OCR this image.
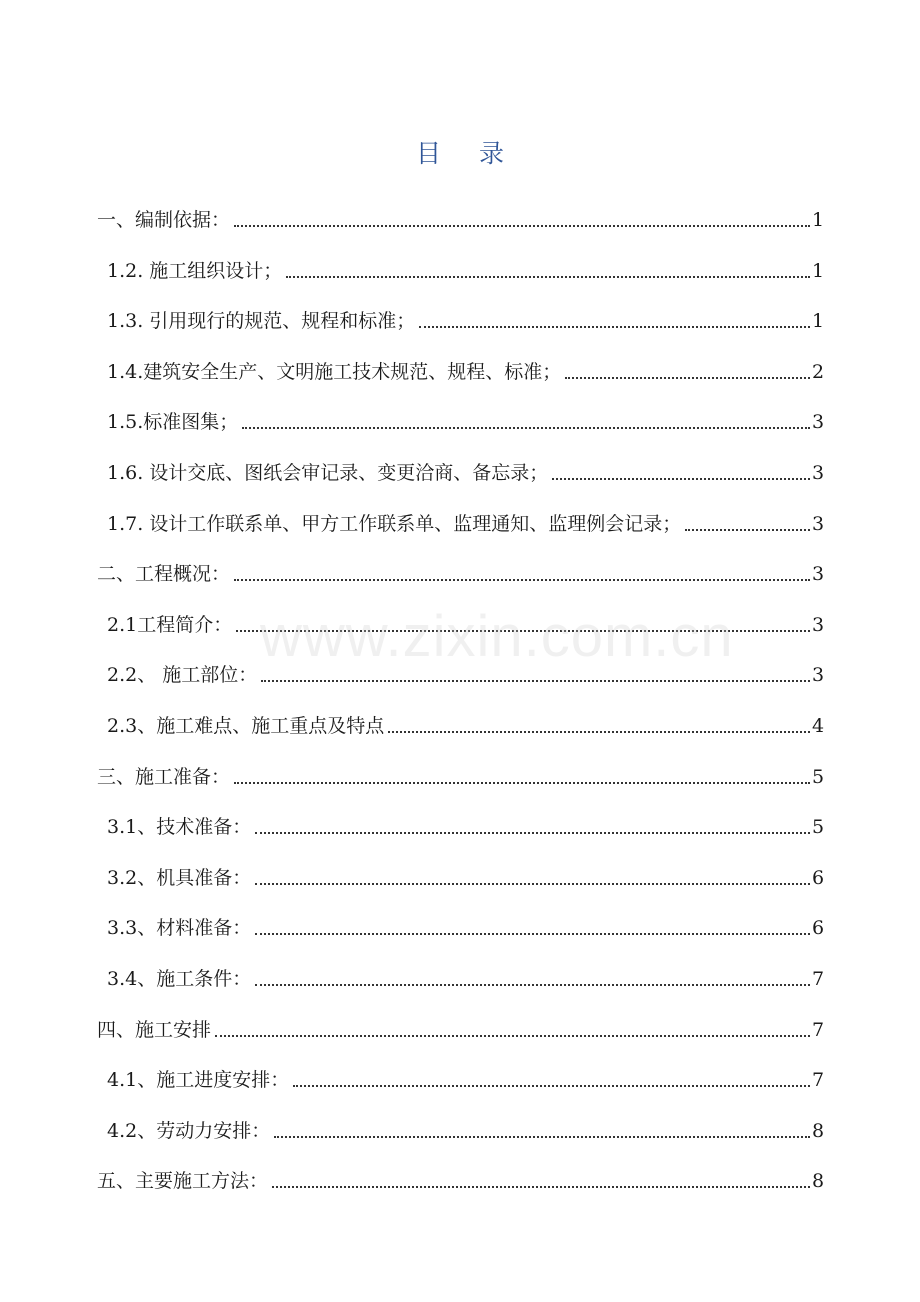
目 录
一、编制依据：	1
1.2. 施工组织设计；	1
1.3. 引用现行的规范、规程和标准；	1
1.4.建筑安全生产、文明施工技术规范、规程、标准；	2
1.5.标准图集；	3
1.6. 设计交底、图纸会审记录、变更洽商、备忘录；	3
1.7. 设计工作联系单、甲方工作联系单、监理通知、监理例会记录；	3
二、工程概况：	3
2.1工程简介：	3
2.2、 施工部位：	3
2.3、施工难点、施工重点及特点	4
三、施工准备：	5
3.1、技术准备：	5
3.2、机具准备：	6
3.3、材料准备：	6
3.4、施工条件：	7
四、施工安排	7
4.1、施工进度安排：	7
4.2、劳动力安排：	8
五、主要施工方法：	8
www.zixin.com.cn
